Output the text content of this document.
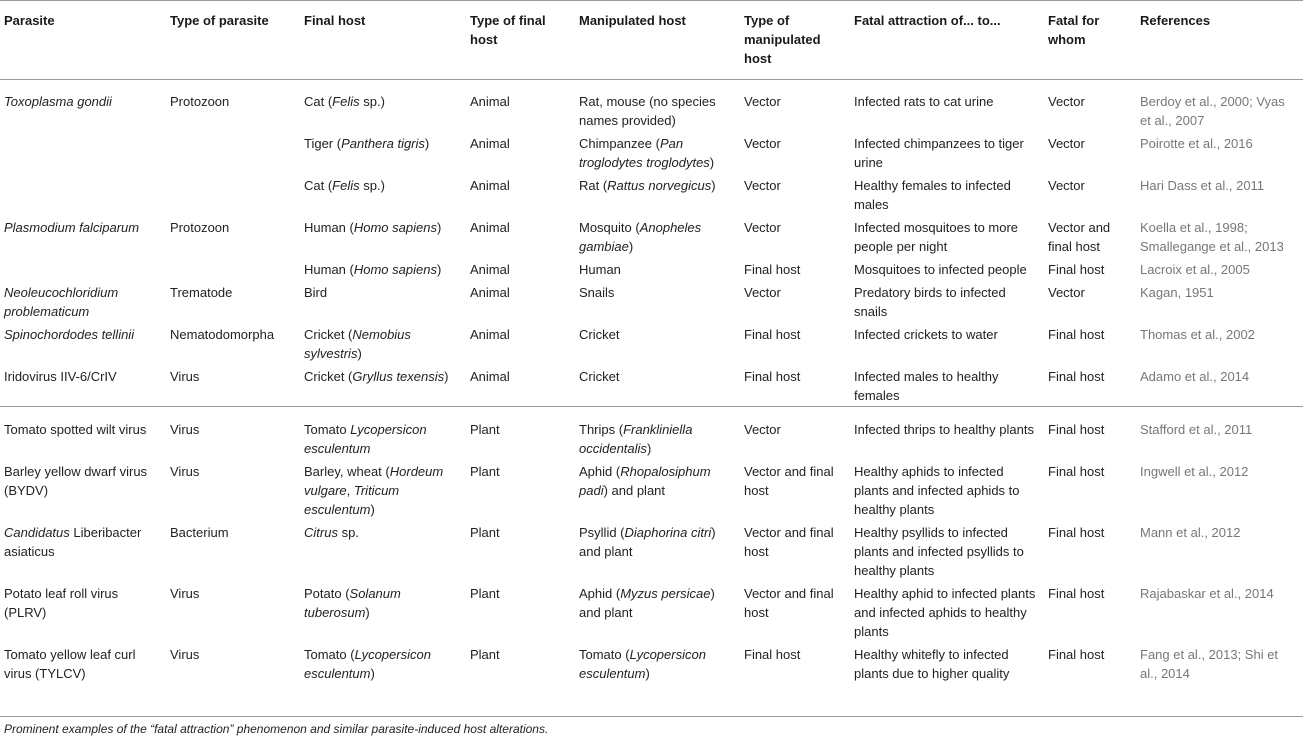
Parasite	Type of parasite	Final host	Type of final host	Manipulated host	Type of manipulated host	Fatal attraction of... to...	Fatal for whom	References
Toxoplasma gondii	Protozoon	Cat (Felis sp.)	Animal	Rat, mouse (no species names provided)	Vector	Infected rats to cat urine	Vector	Berdoy et al., 2000; Vyas et al., 2007
		Tiger (Panthera tigris)	Animal	Chimpanzee (Pan troglodytes troglodytes)	Vector	Infected chimpanzees to tiger urine	Vector	Poirotte et al., 2016
		Cat (Felis sp.)	Animal	Rat (Rattus norvegicus)	Vector	Healthy females to infected males	Vector	Hari Dass et al., 2011
Plasmodium falciparum	Protozoon	Human (Homo sapiens)	Animal	Mosquito (Anopheles gambiae)	Vector	Infected mosquitoes to more people per night	Vector and final host	Koella et al., 1998; Smallegange et al., 2013
		Human (Homo sapiens)	Animal	Human	Final host	Mosquitoes to infected people	Final host	Lacroix et al., 2005
Neoleucochloridium problematicum	Trematode	Bird	Animal	Snails	Vector	Predatory birds to infected snails	Vector	Kagan, 1951
Spinochordodes tellinii	Nematodomorpha	Cricket (Nemobius sylvestris)	Animal	Cricket	Final host	Infected crickets to water	Final host	Thomas et al., 2002
Iridovirus IIV-6/CrIV	Virus	Cricket (Gryllus texensis)	Animal	Cricket	Final host	Infected males to healthy females	Final host	Adamo et al., 2014
Tomato spotted wilt virus	Virus	Tomato Lycopersicon esculentum	Plant	Thrips (Frankliniella occidentalis)	Vector	Infected thrips to healthy plants	Final host	Stafford et al., 2011
Barley yellow dwarf virus (BYDV)	Virus	Barley, wheat (Hordeum vulgare, Triticum esculentum)	Plant	Aphid (Rhopalosiphum padi) and plant	Vector and final host	Healthy aphids to infected plants and infected aphids to healthy plants	Final host	Ingwell et al., 2012
Candidatus Liberibacter asiaticus	Bacterium	Citrus sp.	Plant	Psyllid (Diaphorina citri) and plant	Vector and final host	Healthy psyllids to infected plants and infected psyllids to healthy plants	Final host	Mann et al., 2012
Potato leaf roll virus (PLRV)	Virus	Potato (Solanum tuberosum)	Plant	Aphid (Myzus persicae) and plant	Vector and final host	Healthy aphid to infected plants and infected aphids to healthy plants	Final host	Rajabaskar et al., 2014
Tomato yellow leaf curl virus (TYLCV)	Virus	Tomato (Lycopersicon esculentum)	Plant	Tomato (Lycopersicon esculentum)	Final host	Healthy whitefly to infected plants due to higher quality	Final host	Fang et al., 2013; Shi et al., 2014
Prominent examples of the “fatal attraction” phenomenon and similar parasite-induced host alterations.
